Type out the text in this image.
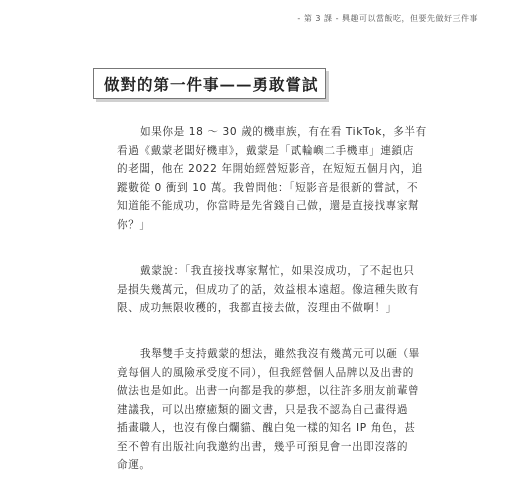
- 第 3 課 - 興趣可以當飯吃，但要先做好三件事
做對的第一件事——勇敢嘗試
如果你是 18 ～ 30 歲的機車族，有在看 TikTok，多半有
看過《戴蒙老闆好機車》，戴蒙是「貳輪嶼二手機車」連鎖店
的老闆，他在 2022 年開始經營短影音，在短短五個月內，追
蹤數從 0 衝到 10 萬。我曾問他：「短影音是很新的嘗試，不
知道能不能成功，你當時是先省錢自己做，還是直接找專家幫
你？」
戴蒙說：「我直接找專家幫忙，如果沒成功，了不起也只
是損失幾萬元，但成功了的話，效益根本遠超。像這種失敗有
限、成功無限收穫的，我都直接去做，沒理由不做啊！」
我舉雙手支持戴蒙的想法，雖然我沒有幾萬元可以砸（畢
竟每個人的風險承受度不同），但我經營個人品牌以及出書的
做法也是如此。出書一向都是我的夢想，以往許多朋友前輩曾
建議我，可以出療癒類的圖文書，只是我不認為自己畫得過
插畫職人，也沒有像白爛貓、醜白兔一樣的知名 IP 角色，甚
至不曾有出版社向我邀約出書，幾乎可預見會一出即沒落的
命運。
